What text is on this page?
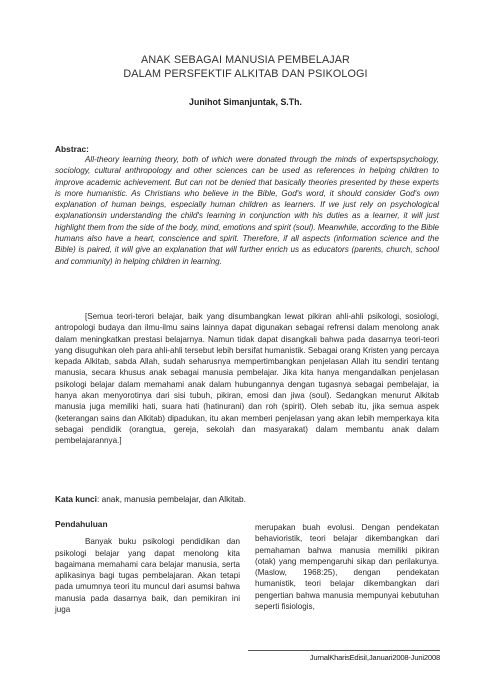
ANAK SEBAGAI MANUSIA PEMBELAJAR
DALAM PERSFEKTIF ALKITAB DAN PSIKOLOGI
Junihot Simanjuntak, S.Th.
Abstrac:

All-theory learning theory, both of which were donated through the minds of expertspsychology, sociology, cultural anthropology and other sciences can be used as references in helping children to improve academic achievement. But can not be denied that basically theories presented by these experts is more humanistic. As Christians who believe in the Bible, God's word, it should consider God's own explanation of human beings, especially human children as learners. If we just rely on psychological explanationsin understanding the child's learning in conjunction with his duties as a learner, it will just highlight them from the side of the body, mind, emotions and spirit (soul). Meanwhile, according to the Bible humans also have a heart, conscience and spirit. Therefore, if all aspects (information science and the Bible) is paired, it will give an explanation that will further enrich us as educators (parents, church, school and community) in helping children in learning.

[Semua teori-terori belajar, baik yang disumbangkan lewat pikiran ahli-ahli psikologi, sosiologi, antropologi budaya dan ilmu-ilmu sains lainnya dapat digunakan sebagai refrensi dalam menolong anak dalam meningkatkan prestasi belajarnya. Namun tidak dapat disangkali bahwa pada dasarnya teori-teori yang disuguhkan oleh para ahli-ahli tersebut lebih bersifat humanistik. Sebagai orang Kristen yang percaya kepada Alkitab, sabda Allah, sudah seharusnya mempertimbangkan penjelasan Allah itu sendiri tentang manusia, secara khusus anak sebagai manusia pembelajar. Jika kita hanya mengandalkan penjelasan psikologi belajar dalam memahami anak dalam hubungannya dengan tugasnya sebagai pembelajar, ia hanya akan menyorotinya dari sisi tubuh, pikiran, emosi dan jiwa (soul). Sedangkan menurut Alkitab manusia juga memiliki hati, suara hati (hatinurani) dan roh (spirit). Oleh sebab itu, jika semua aspek (keterangan sains dan Alkitab) dipadukan, itu akan memberi penjelasan yang akan lebih memperkaya kita sebagai pendidik (orangtua, gereja, sekolah dan masyarakat) dalam membantu anak dalam pembelajarannya.]

Kata kunci: anak, manusia pembelajar, dan Alkitab.
Pendahuluan

Banyak buku psikologi pendidikan dan psikologi belajar yang dapat menolong kita bagaimana memahami cara belajar manusia, serta aplikasinya bagi tugas pembelajaran. Akan tetapi pada umumnya teori itu muncul dari asumsi bahwa manusia pada dasarnya baik, dan pemikiran ini juga

merupakan buah evolusi. Dengan pendekatan behavioristik, teori belajar dikembangkan dari pemahaman bahwa manusia memiliki pikiran (otak) yang mempengaruhi sikap dan perilakunya. (Maslow, 1968:25), dengan pendekatan humanistik, teori belajar dikembangkan dari pengertian bahwa manusia mempunyai kebutuhan seperti fisiologis,

JurnalKharisEdisiI,Januari2008-Juni2008
